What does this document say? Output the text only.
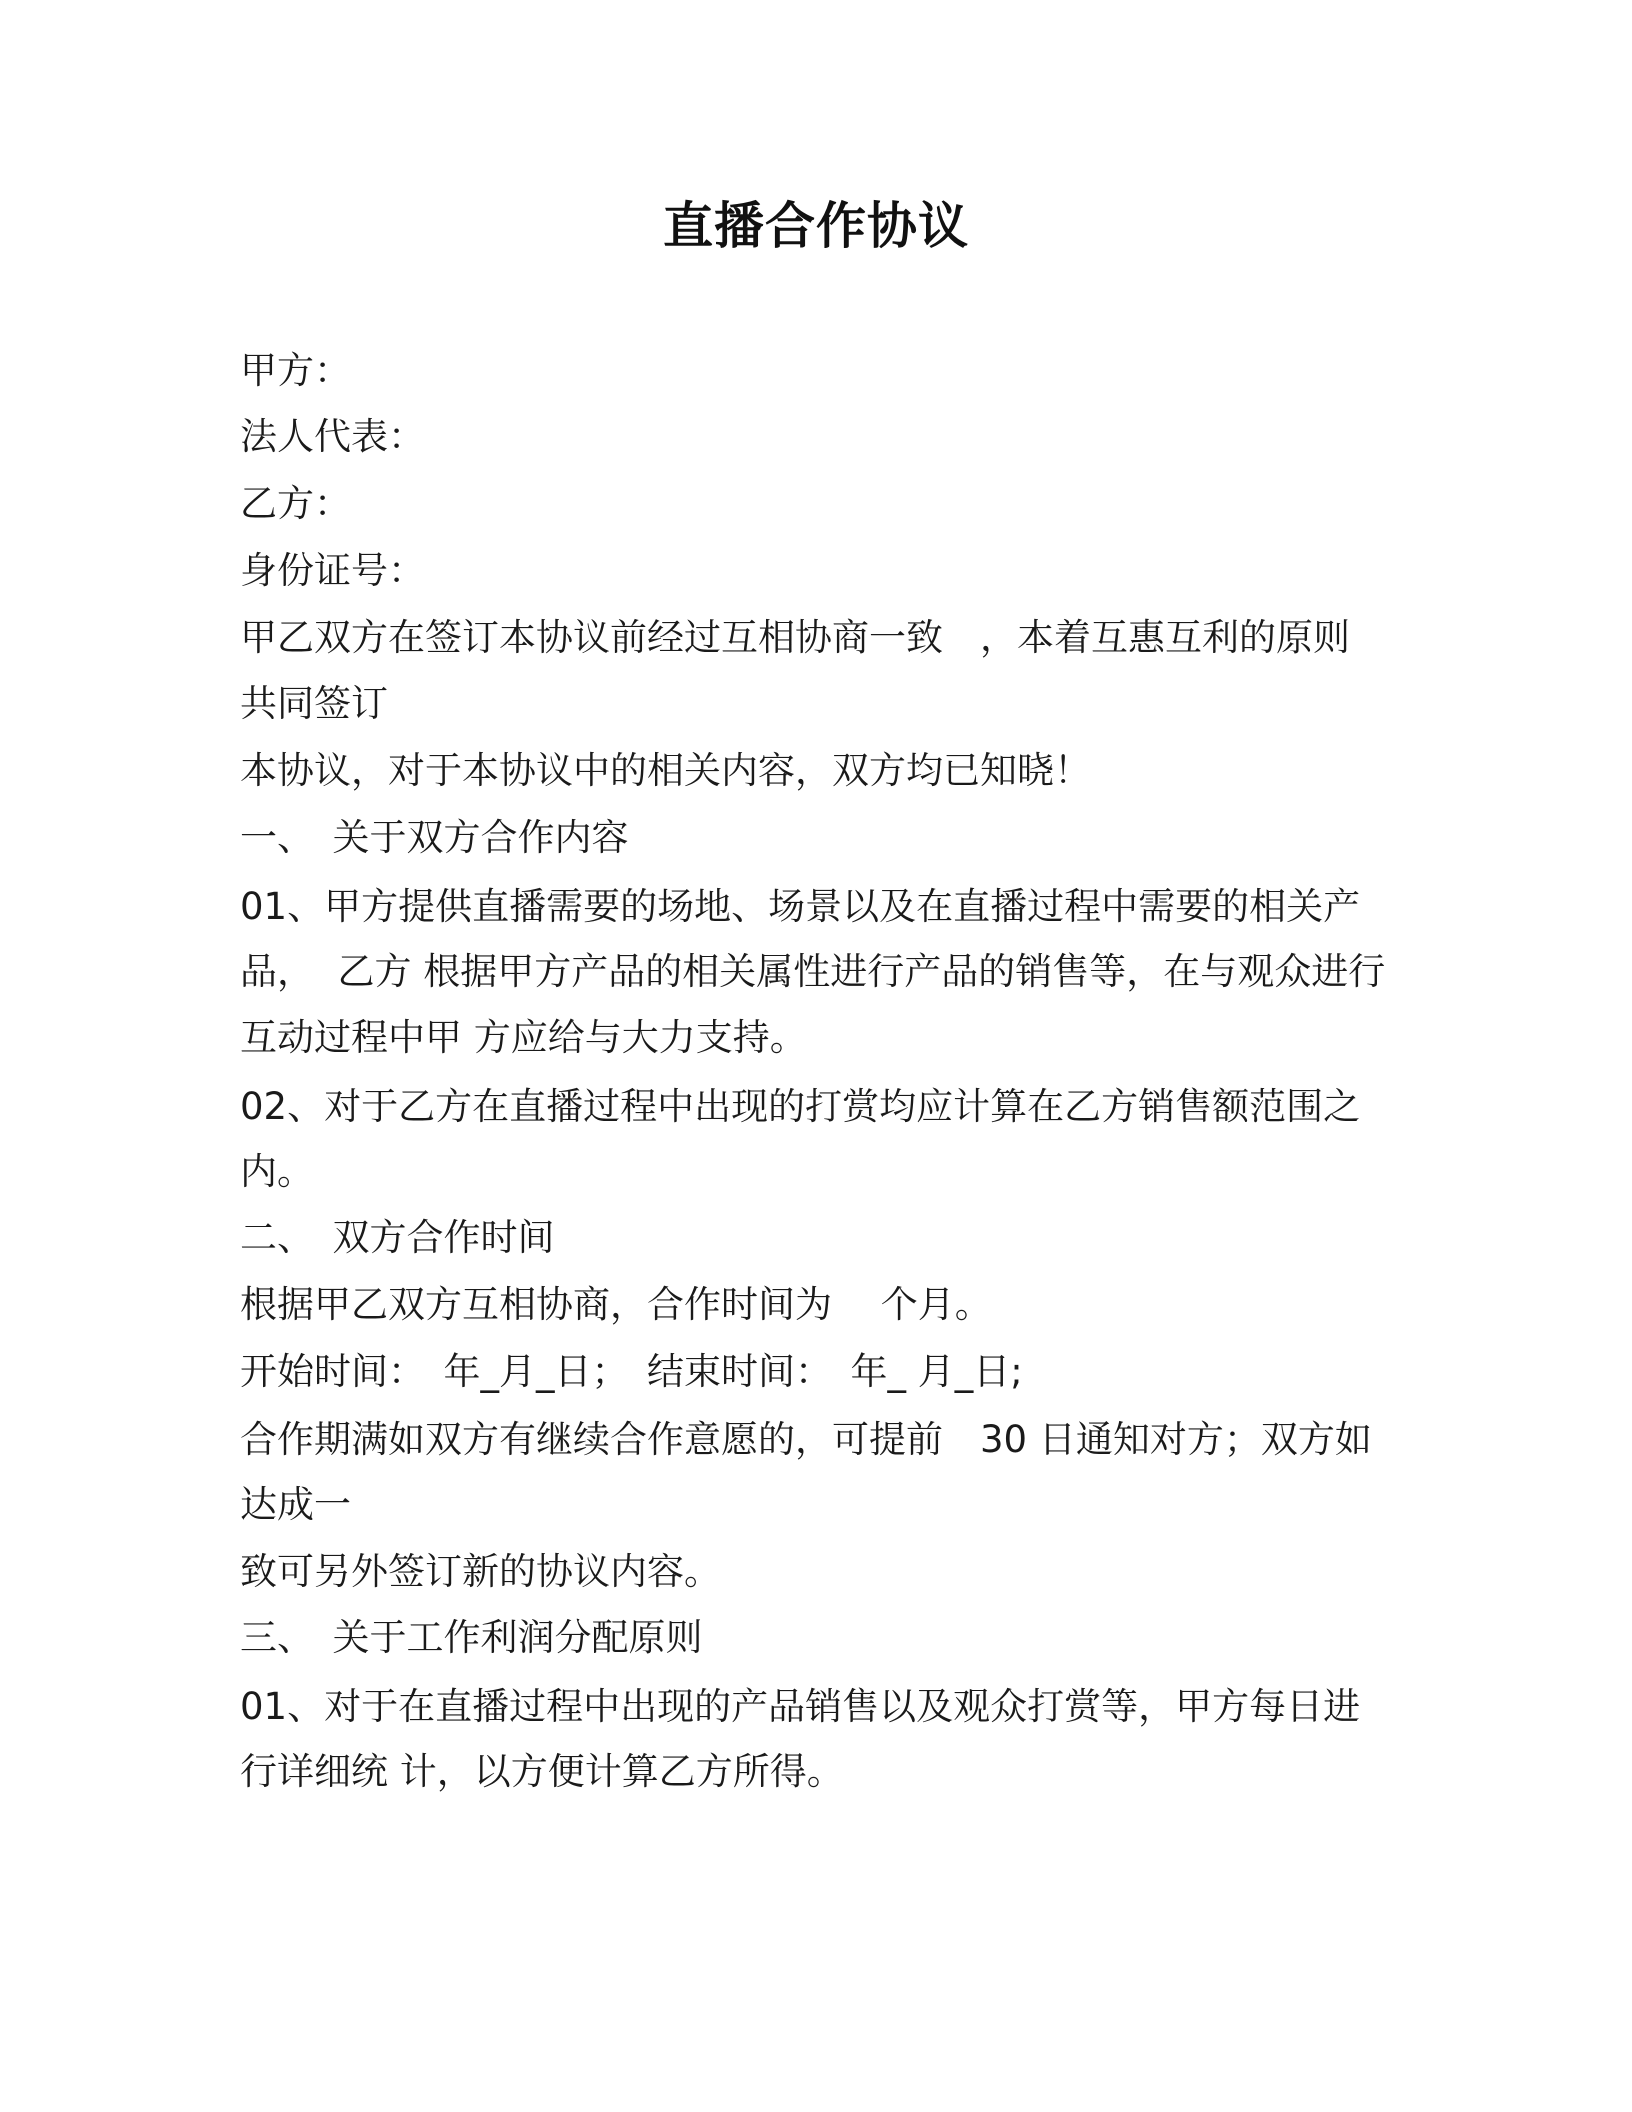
直播合作协议
甲方：
法人代表：
乙方：
身份证号：
甲乙双方在签订本协议前经过互相协商一致　，本着互惠互利的原则
共同签订
本协议，对于本协议中的相关内容，双方均已知晓！
一、　关于双方合作内容
01、甲方提供直播需要的场地、场景以及在直播过程中需要的相关产
品，  乙方 根据甲方产品的相关属性进行产品的销售等，在与观众进行
互动过程中甲 方应给与大力支持。
02、对于乙方在直播过程中出现的打赏均应计算在乙方销售额范围之
内。
二、　双方合作时间
根据甲乙双方互相协商，合作时间为　 个月。
开始时间：　年_月_日；　结束时间：　年_ 月_日;
合作期满如双方有继续合作意愿的，可提前　30 日通知对方；双方如
达成一
致可另外签订新的协议内容。
三、　关于工作利润分配原则
01、对于在直播过程中出现的产品销售以及观众打赏等，甲方每日进
行详细统 计，以方便计算乙方所得。
